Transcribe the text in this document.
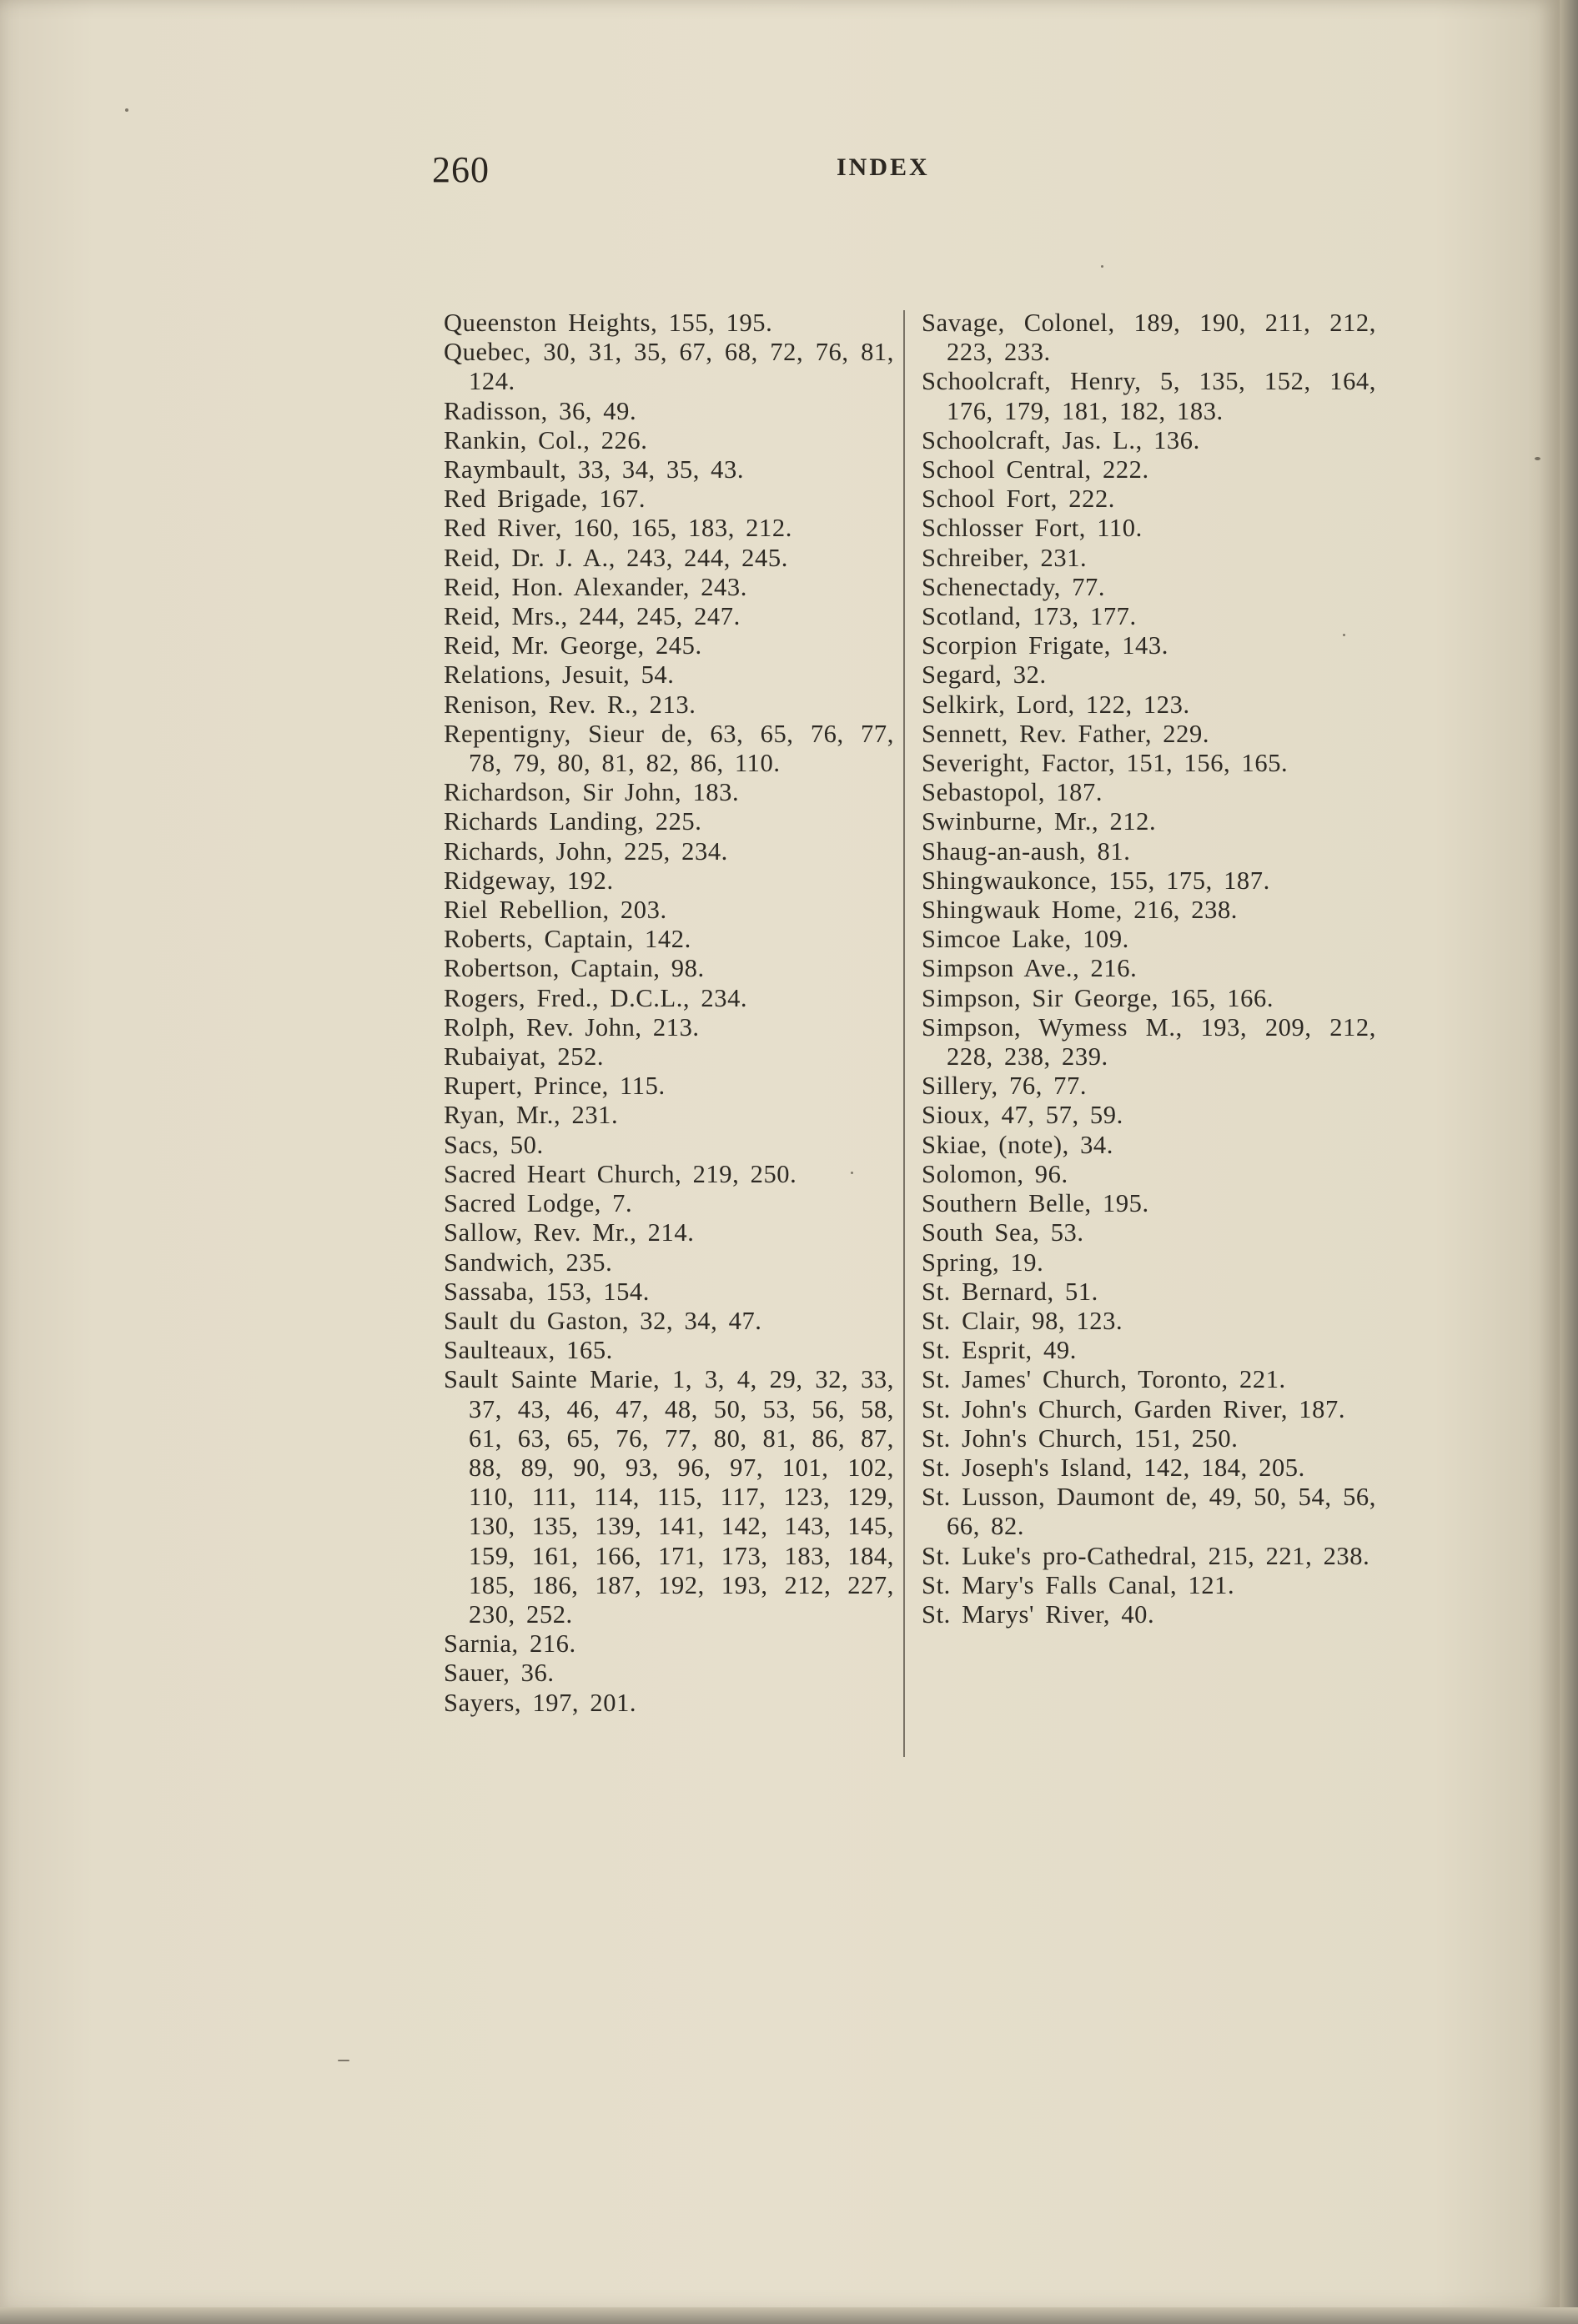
260	INDEX

Queenston Heights, 155, 195.

Quebec, 30, 31, 35, 67, 68, 72, 76, 81, 124.

Radisson, 36, 49.

Rankin, Col., 226.

Raymbault, 33, 34, 35, 43.

Red Brigade, 167.

Red River, 160, 165, 183, 212.

Reid, Dr. J. A., 243, 244, 245.

Reid, Hon. Alexander, 243.

Reid, Mrs., 244, 245, 247.

Reid, Mr. George, 245.

Relations, Jesuit, 54.

Renison, Rev. R., 213.

Repentigny, Sieur de, 63, 65, 76, 77, 78, 79, 80, 81, 82, 86, 110.

Richardson, Sir John, 183.

Richards Landing, 225.

Richards, John, 225, 234.

Ridgeway, 192.

Riel Rebellion, 203.

Roberts, Captain, 142.

Robertson, Captain, 98.

Rogers, Fred., D.C.L., 234.

Rolph, Rev. John, 213.

Rubaiyat, 252.

Rupert, Prince, 115.

Ryan, Mr., 231.

Sacs, 50.

Sacred Heart Church, 219, 250.

Sacred Lodge, 7.

Sallow, Rev. Mr., 214.

Sandwich, 235.

Sassaba, 153, 154.

Sault du Gaston, 32, 34, 47.

Saulteaux, 165.

Sault Sainte Marie, 1, 3, 4, 29, 32, 33, 37, 43, 46, 47, 48, 50, 53, 56, 58, 61, 63, 65, 76, 77, 80, 81, 86, 87, 88, 89, 90, 93, 96, 97, 101, 102, 110, 111, 114, 115, 117, 123, 129, 130, 135, 139, 141, 142, 143, 145, 159, 161, 166, 171, 173, 183, 184, 185, 186, 187, 192, 193, 212, 227, 230, 252.

Sarnia, 216.

Sauer, 36.

Sayers, 197, 201.

Savage, Colonel, 189, 190, 211, 212, 223, 233.

Schoolcraft, Henry, 5, 135, 152, 164, 176, 179, 181, 182, 183.

Schoolcraft, Jas. L., 136.

School Central, 222.

School Fort, 222.

Schlosser Fort, 110.

Schreiber, 231.

Schenectady, 77.

Scotland, 173, 177.

Scorpion Frigate, 143.

Segard, 32.

Selkirk, Lord, 122, 123.

Sennett, Rev. Father, 229.

Severight, Factor, 151, 156, 165.

Sebastopol, 187.

Swinburne, Mr., 212.

Shaug-an-aush, 81.

Shingwaukonce, 155, 175, 187.

Shingwauk Home, 216, 238.

Simcoe Lake, 109.

Simpson Ave., 216.

Simpson, Sir George, 165, 166.

Simpson, Wymess M., 193, 209, 212, 228, 238, 239.

Sillery, 76, 77.

Sioux, 47, 57, 59.

Skiae, (note), 34.

Solomon, 96.

Southern Belle, 195.

South Sea, 53.

Spring, 19.

St. Bernard, 51.

St. Clair, 98, 123.

St. Esprit, 49.

St. James' Church, Toronto, 221.

St. John's Church, Garden River, 187.

St. John's Church, 151, 250.

St. Joseph's Island, 142, 184, 205.

St. Lusson, Daumont de, 49, 50, 54, 56, 66, 82.

St. Luke's pro-Cathedral, 215, 221, 238.

St. Mary's Falls Canal, 121.

St. Marys' River, 40.
